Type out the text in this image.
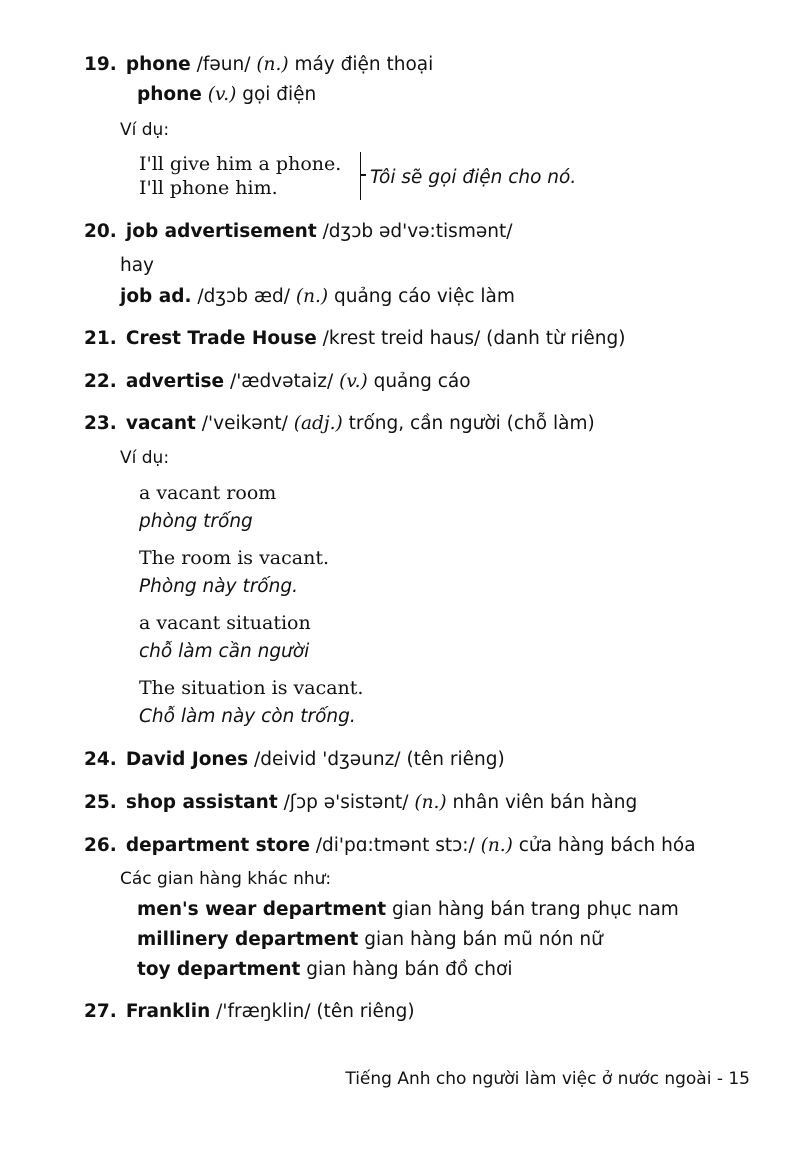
19. phone /fəun/ (n.) máy điện thoại
phone (v.) gọi điện
Ví dụ:
I'll give him a phone.
I'll phone him.	Tôi sẽ gọi điện cho nó.
20. job advertisement /dʒɔb əd'və:tismənt/
hay
job ad. /dʒɔb æd/ (n.) quảng cáo việc làm
21. Crest Trade House /krest treid haus/ (danh từ riêng)
22. advertise /'ædvətaiz/ (v.) quảng cáo
23. vacant /'veikənt/ (adj.) trống, cần người (chỗ làm)
Ví dụ:
a vacant room
phòng trống
The room is vacant.
Phòng này trống.
a vacant situation
chỗ làm cần người
The situation is vacant.
Chỗ làm này còn trống.
24. David Jones /deivid 'dʒəunz/ (tên riêng)
25. shop assistant /ʃɔp ə'sistənt/ (n.) nhân viên bán hàng
26. department store /di'pɑ:tmənt stɔ:/ (n.) cửa hàng bách hóa
Các gian hàng khác như:
men's wear department gian hàng bán trang phục nam
millinery department gian hàng bán mũ nón nữ
toy department gian hàng bán đồ chơi
27. Franklin /'fræŋklin/ (tên riêng)
Tiếng Anh cho người làm việc ở nước ngoài - 15
